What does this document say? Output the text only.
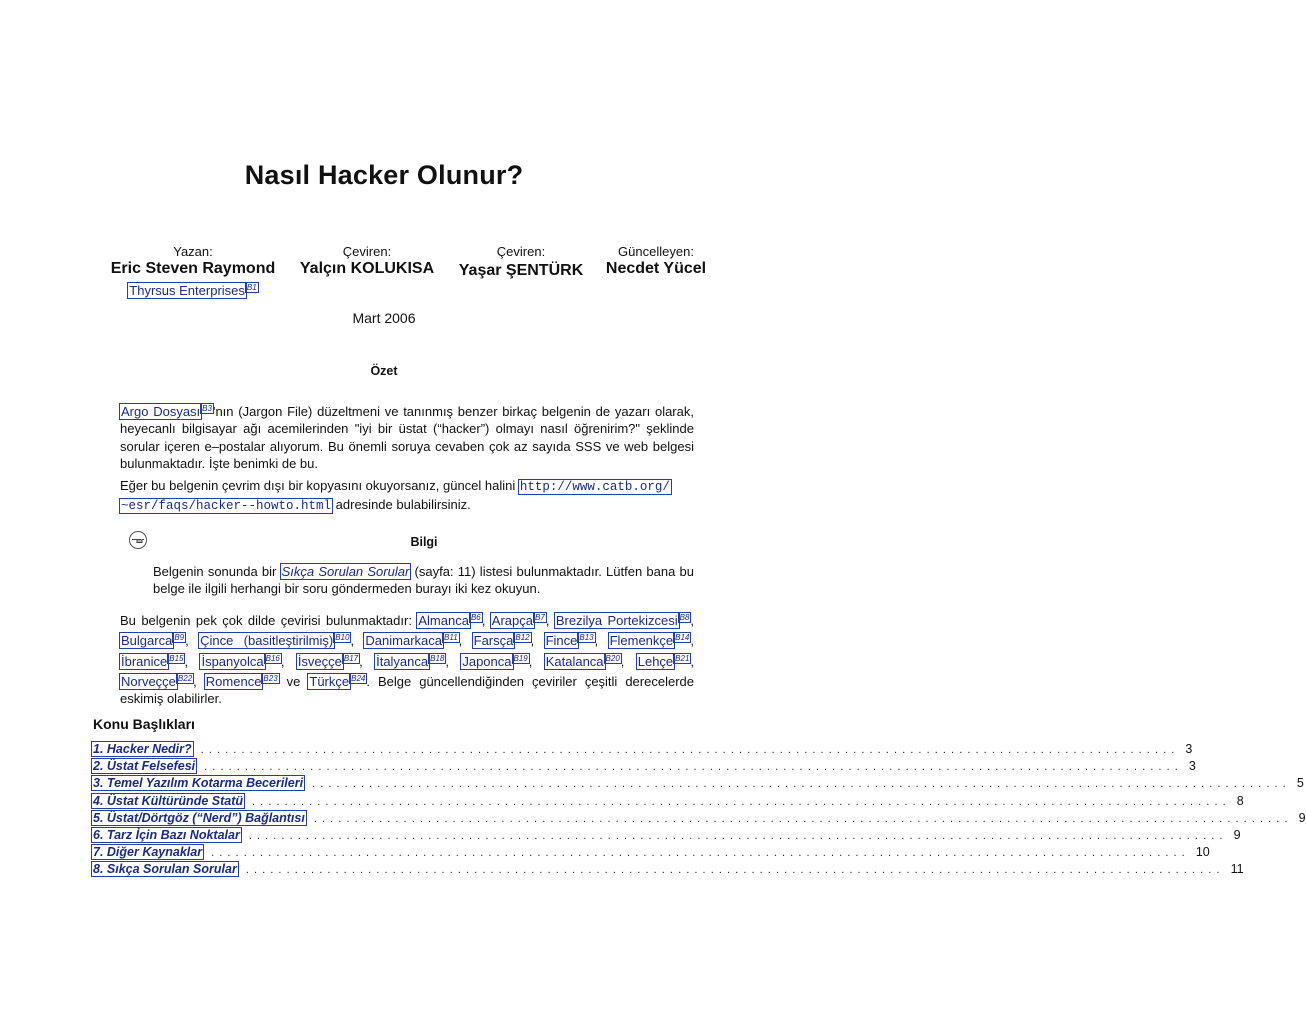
Nasıl Hacker Olunur?
Yazan:
Eric Steven Raymond
Thyrsus Enterprises $^{B1}$
Çeviren:
Yalçın KOLUKISA
Çeviren:
Yaşar ŞENTÜRK
Güncelleyen:
Necdet Yücel
Mart 2006
Özet
Argo Dosyası $^{B3}$'nın (Jargon File) düzeltmeni ve tanınmış benzer birkaç belgenin de yazarı olarak, heyecanlı bilgisayar ağı acemilerinden "iyi bir üstat (“hacker”) olmayı nasıl öğrenirim?" şeklinde sorular içeren e–postalar alıyorum. Bu önemli soruya cevaben çok az sayıda SSS ve web belgesi bulunmaktadır. İşte benimki de bu.
Eğer bu belgenin çevrim dışı bir kopyasını okuyorsanız, güncel halini http://www.catb.org/
~esr/faqs/hacker--howto.html adresinde bulabilirsiniz.
Bilgi
Belgenin sonunda bir Sıkça Sorulan Sorular (sayfa: 11) listesi bulunmaktadır. Lütfen bana bu belge ile ilgili herhangi bir soru göndermeden burayı iki kez okuyun.
Bu belgenin pek çok dilde çevirisi bulunmaktadır: Almanca $^{B6}$, Arapça $^{B7}$, Brezilya Portekizcesi $^{B8}$, Bulgarca $^{B9}$, Çince (basitleştirilmiş) $^{B10}$, Danimarkaca $^{B11}$, Farsça $^{B12}$, Fince $^{B13}$, Flemenkçe $^{B14}$, İbranice $^{B15}$, İspanyolca $^{B16}$, İsveççe $^{B17}$, İtalyanca $^{B18}$, Japonca $^{B19}$, Katalanca $^{B20}$, Lehçe $^{B21}$, Norveççe $^{B22}$, Romence $^{B23}$ ve Türkçe $^{B24}$. Belge güncellendiğinden çeviriler çeşitli derecelerde eskimiş olabilirler.
Konu Başlıkları
1. Hacker Nedir? ........................................................................................................................ 3
2. Üstat Felsefesi ........................................................................................................................ 3
3. Temel Yazılım Kotarma Becerileri ........................................................................................................................ 5
4. Üstat Kültüründe Statü ........................................................................................................................ 8
5. Üstat/Dörtgöz (“Nerd”) Bağlantısı ........................................................................................................................ 9
6. Tarz İçin Bazı Noktalar ........................................................................................................................ 9
7. Diğer Kaynaklar ........................................................................................................................ 10
8. Sıkça Sorulan Sorular ........................................................................................................................ 11
